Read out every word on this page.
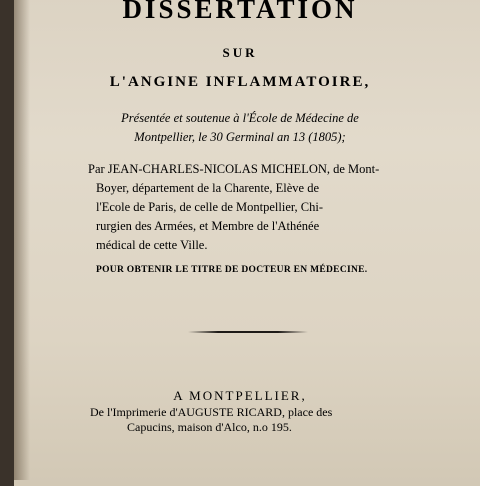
DISSERTATION
SUR
L'ANGINE INFLAMMATOIRE,
Présentée et soutenue à l'École de Médecine de
Montpellier, le 30 Germinal an 13 (1805);
Par JEAN-CHARLES-NICOLAS MICHELON, de Mont-
Boyer, département de la Charente, Elève de
l'Ecole de Paris, de celle de Montpellier, Chi-
rurgien des Armées, et Membre de l'Athénée
médical de cette Ville.
POUR OBTENIR LE TITRE DE DOCTEUR EN MÉDECINE.
A MONTPELLIER,
De l'Imprimerie d'AUGUSTE RICARD, place des
Capucins, maison d'Alco, n.o 195.
